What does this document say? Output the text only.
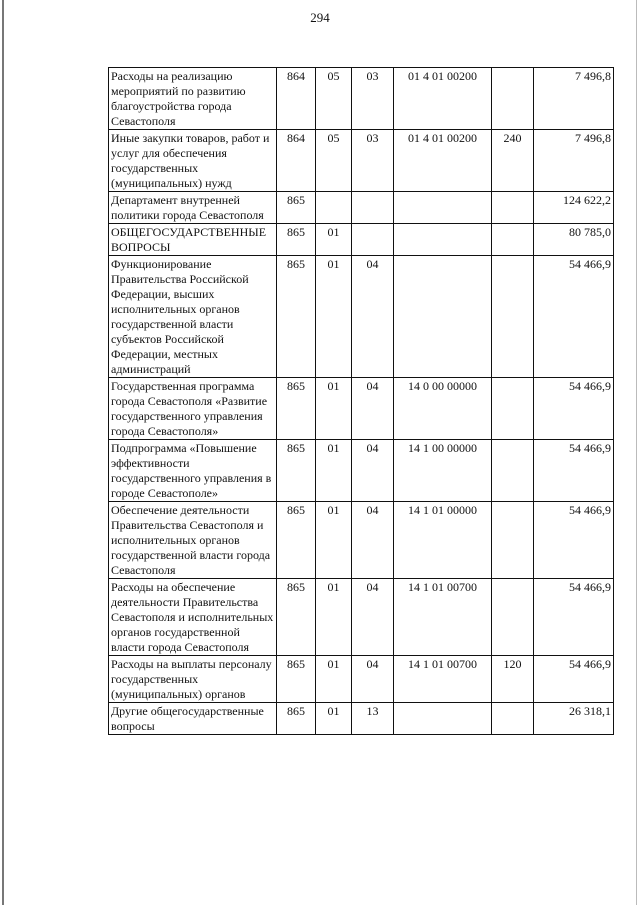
294
Расходы на реализацию мероприятий по развитию благоустройства города Севастополя	864	05	03	01 4 01 00200		7 496,8
Иные закупки товаров, работ и услуг для обеспечения государственных (муниципальных) нужд	864	05	03	01 4 01 00200	240	7 496,8
Департамент внутренней политики города Севастополя	865					124 622,2
ОБЩЕГОСУДАРСТВЕННЫЕ ВОПРОСЫ	865	01				80 785,0
Функционирование Правительства Российской Федерации, высших исполнительных органов государственной власти субъектов Российской Федерации, местных администраций	865	01	04			54 466,9
Государственная программа города Севастополя «Развитие государственного управления города Севастополя»	865	01	04	14 0 00 00000		54 466,9
Подпрограмма «Повышение эффективности государственного управления в городе Севастополе»	865	01	04	14 1 00 00000		54 466,9
Обеспечение деятельности Правительства Севастополя и исполнительных органов государственной власти города Севастополя	865	01	04	14 1 01 00000		54 466,9
Расходы на обеспечение деятельности Правительства Севастополя и исполнительных органов государственной власти города Севастополя	865	01	04	14 1 01 00700		54 466,9
Расходы на выплаты персоналу государственных (муниципальных) органов	865	01	04	14 1 01 00700	120	54 466,9
Другие общегосударственные вопросы	865	01	13			26 318,1
